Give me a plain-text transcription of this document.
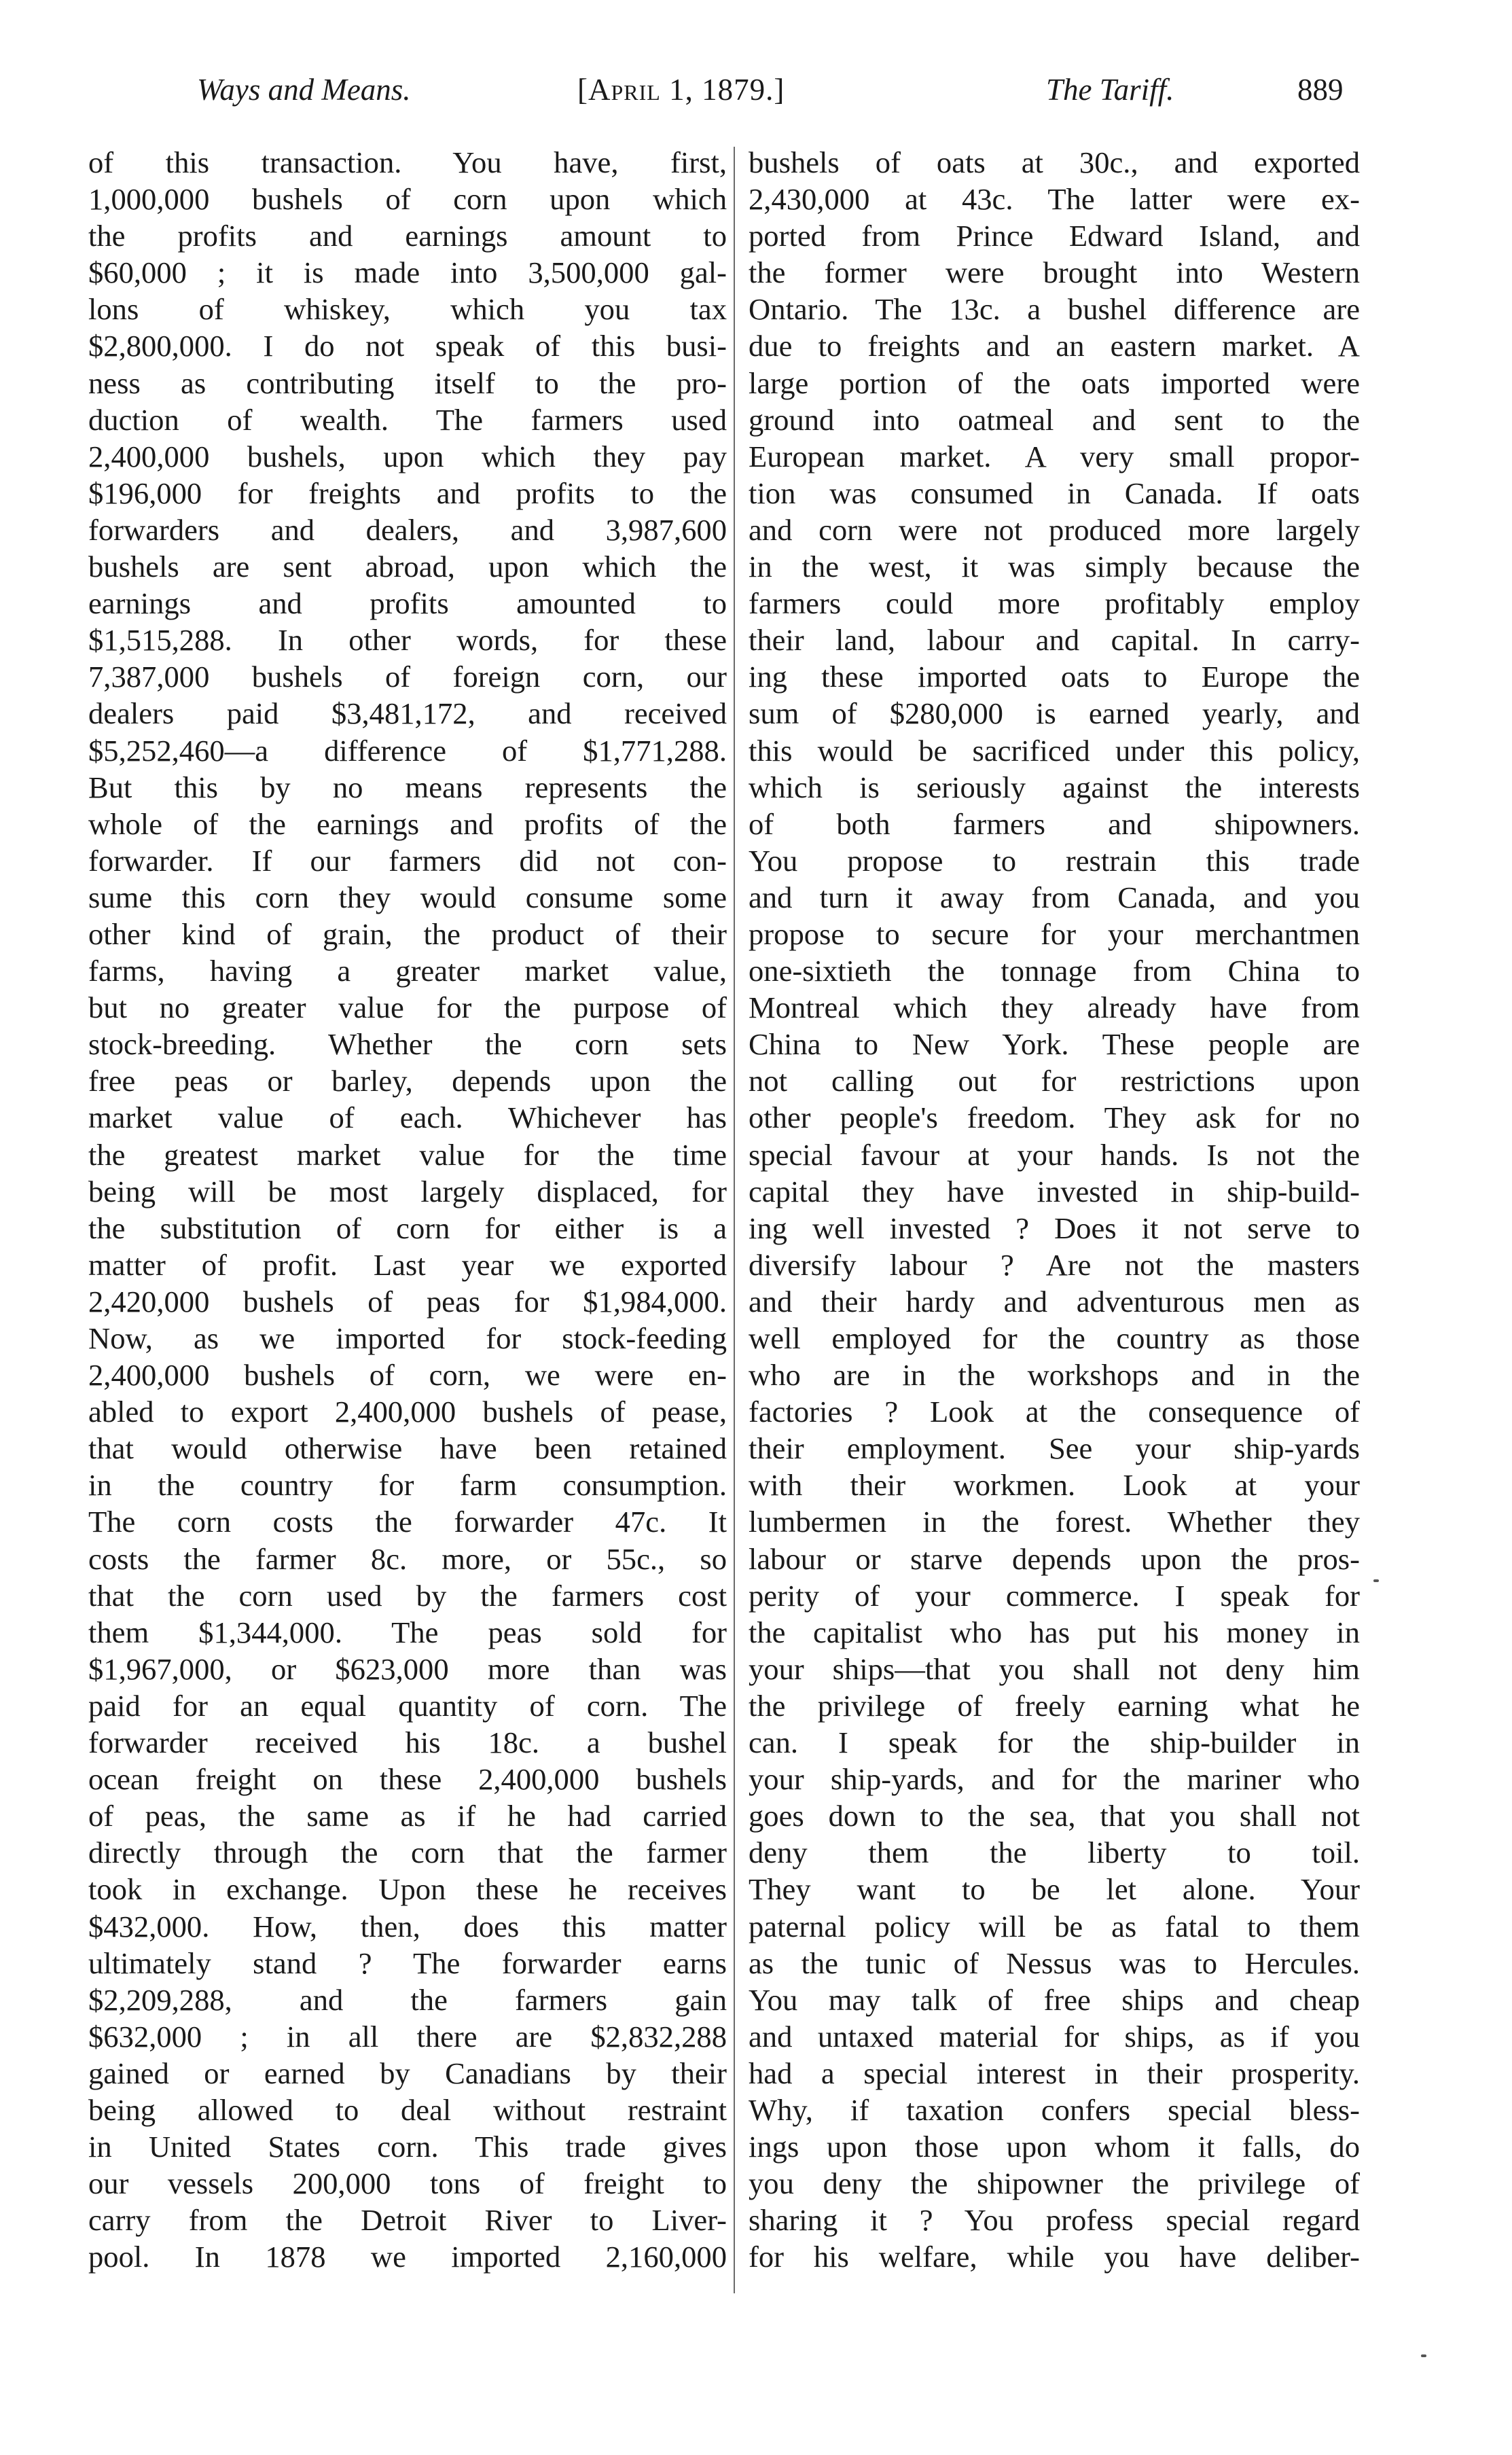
Ways and Means.	[April 1, 1879.]	The Tariff.	889
of this transaction. You have, first,
1,000,000 bushels of corn upon which
the profits and earnings amount to
$60,000 ; it is made into 3,500,000 gal-
lons of whiskey, which you tax
$2,800,000. I do not speak of this busi-
ness as contributing itself to the pro-
duction of wealth. The farmers used
2,400,000 bushels, upon which they pay
$196,000 for freights and profits to the
forwarders and dealers, and 3,987,600
bushels are sent abroad, upon which the
earnings and profits amounted to
$1,515,288. In other words, for these
7,387,000 bushels of foreign corn, our
dealers paid $3,481,172, and received
$5,252,460—a difference of $1,771,288.
But this by no means represents the
whole of the earnings and profits of the
forwarder. If our farmers did not con-
sume this corn they would consume some
other kind of grain, the product of their
farms, having a greater market value,
but no greater value for the purpose of
stock-breeding. Whether the corn sets
free peas or barley, depends upon the
market value of each. Whichever has
the greatest market value for the time
being will be most largely displaced, for
the substitution of corn for either is a
matter of profit. Last year we exported
2,420,000 bushels of peas for $1,984,000.
Now, as we imported for stock-feeding
2,400,000 bushels of corn, we were en-
abled to export 2,400,000 bushels of pease,
that would otherwise have been retained
in the country for farm consumption.
The corn costs the forwarder 47c. It
costs the farmer 8c. more, or 55c., so
that the corn used by the farmers cost
them $1,344,000. The peas sold for
$1,967,000, or $623,000 more than was
paid for an equal quantity of corn. The
forwarder received his 18c. a bushel
ocean freight on these 2,400,000 bushels
of peas, the same as if he had carried
directly through the corn that the farmer
took in exchange. Upon these he receives
$432,000. How, then, does this matter
ultimately stand ? The forwarder earns
$2,209,288, and the farmers gain
$632,000 ; in all there are $2,832,288
gained or earned by Canadians by their
being allowed to deal without restraint
in United States corn. This trade gives
our vessels 200,000 tons of freight to
carry from the Detroit River to Liver-
pool. In 1878 we imported 2,160,000
bushels of oats at 30c., and exported
2,430,000 at 43c. The latter were ex-
ported from Prince Edward Island, and
the former were brought into Western
Ontario. The 13c. a bushel difference are
due to freights and an eastern market. A
large portion of the oats imported were
ground into oatmeal and sent to the
European market. A very small propor-
tion was consumed in Canada. If oats
and corn were not produced more largely
in the west, it was simply because the
farmers could more profitably employ
their land, labour and capital. In carry-
ing these imported oats to Europe the
sum of $280,000 is earned yearly, and
this would be sacrificed under this policy,
which is seriously against the interests
of both farmers and shipowners.
You propose to restrain this trade
and turn it away from Canada, and you
propose to secure for your merchantmen
one-sixtieth the tonnage from China to
Montreal which they already have from
China to New York. These people are
not calling out for restrictions upon
other people's freedom. They ask for no
special favour at your hands. Is not the
capital they have invested in ship-build-
ing well invested ? Does it not serve to
diversify labour ? Are not the masters
and their hardy and adventurous men as
well employed for the country as those
who are in the workshops and in the
factories ? Look at the consequence of
their employment. See your ship-yards
with their workmen. Look at your
lumbermen in the forest. Whether they
labour or starve depends upon the pros-
perity of your commerce. I speak for
the capitalist who has put his money in
your ships—that you shall not deny him
the privilege of freely earning what he
can. I speak for the ship-builder in
your ship-yards, and for the mariner who
goes down to the sea, that you shall not
deny them the liberty to toil.
They want to be let alone. Your
paternal policy will be as fatal to them
as the tunic of Nessus was to Hercules.
You may talk of free ships and cheap
and untaxed material for ships, as if you
had a special interest in their prosperity.
Why, if taxation confers special bless-
ings upon those upon whom it falls, do
you deny the shipowner the privilege of
sharing it ? You profess special regard
for his welfare, while you have deliber-
